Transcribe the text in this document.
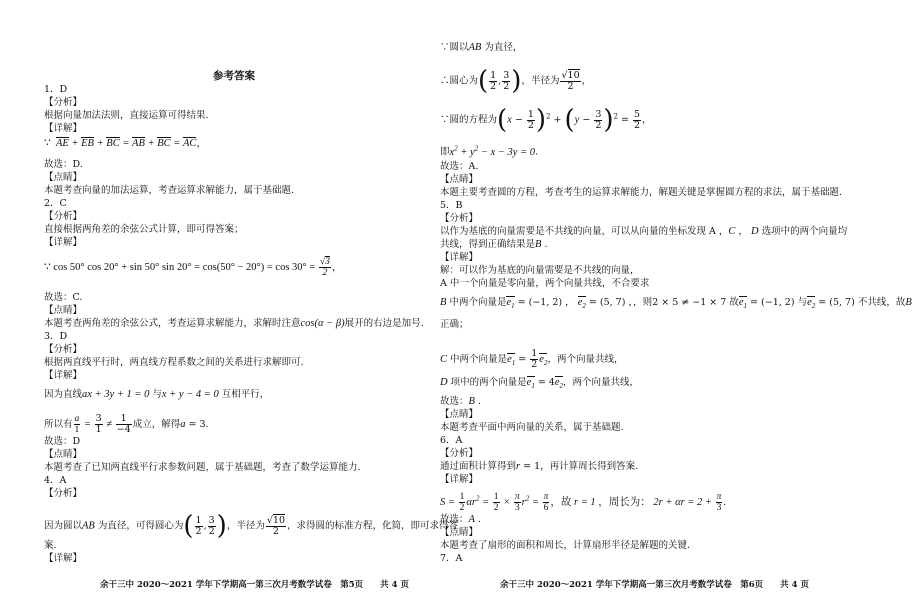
参考答案
1．D
【分析】
根据向量加法法则，直接运算可得结果.
【详解】
∵ AE + EB + BC = AB + BC = AC，
故选：D.
【点睛】
本题考查向量的加法运算，考查运算求解能力，属于基础题.
2．C
【分析】
直接根据两角差的余弦公式计算，即可得答案；
【详解】
∵ cos 50° cos 20° + sin 50° $\sin 20^\circ = \cos(50^\circ - 20^\circ) = \cos 30^\circ = \frac{√3}{2}$ ，
故选：C.
【点睛】
本题考查两角差的余弦公式，考查运算求解能力，求解时注意cos(α − β)展开的右边是加号.
3．D
【分析】
根据两直线平行时，两直线方程系数之间的关系进行求解即可.
【详解】
因为直线ax + 3y + 1 = 0 与x + y − 4 = 0 互相平行，
所以有 $\frac{a}{1} = \frac{3}{1} \ne \frac{1}{-4}$ 成立，解得a = 3.
故选：D
【点睛】
本题考查了已知两直线平行求参数问题，属于基础题，考查了数学运算能力.
4．A
【分析】
因为圆以AB 为直径，可得圆心为( $\frac{1}{2}$ , $\frac{3}{2}$ )，半径为 $\frac{√10}{2}$ ，求得圆的标准方程，化简，即可求得答
案.
【详解】
余干三中 2020～2021 学年下学期高一第三次月考数学试卷　第5页　　共 4 页
∵圆以AB 为直径，
∴圆心为( $\frac{1}{2}$ , $\frac{3}{2}$ )，半径为 $\frac{√10}{2}$ ，
∵圆的方程为$(x - \frac{1}{2} )^2 + (y - \frac{3}{2} )^2 = \frac{5}{2}$ ，
即$x^2 + y^2 - x - 3y = 0$.
故选：A.
【点睛】
本题主要考查圆的方程，考查考生的运算求解能力，解题关键是掌握圆方程的求法，属于基础题.
5．B
【分析】
以作为基底的向量需要是不共线的向量，可以从向量的坐标发现 A ，C ， D 选项中的两个向量均
共线，得到正确结果是B .
【详解】
解：可以作为基底的向量需要是不共线的向量，
A 中一个向量是零向量，两个向量共线，不合要求
B 中两个向量是$e_1 = (-1$, 2) ， $e_2 = (5$, 7) ，，则2 × 5 ≠ −1 × 7 故$e_1 = (-1$, 2) 与$e_2 = (5$, 7) 不共线，故B
正确；
C 中两个向量是$e_1 = \frac{1}{2} e_2$，两个向量共线，
D 项中的两个向量是$e_1 = 4e_2$，两个向量共线，
故选：B .
【点睛】
本题考查平面中两向量的关系，属于基础题.
6．A
【分析】
通过面积计算得到r = 1，再计算周长得到答案.
【详解】
$S = \frac{1}{2} \alpha r^2 = \frac{1}{2} \times \frac{\pi}{3} r^2 = \frac{\pi}{6}$ ，故 r = 1 ，周长为： $2r + \alpha r = 2 + \frac{\pi}{3}$ .
故选：A .
【点睛】
本题考查了扇形的面积和周长，计算扇形半径是解题的关键.
7．A
余干三中 2020～2021 学年下学期高一第三次月考数学试卷　第6页　　共 4 页
